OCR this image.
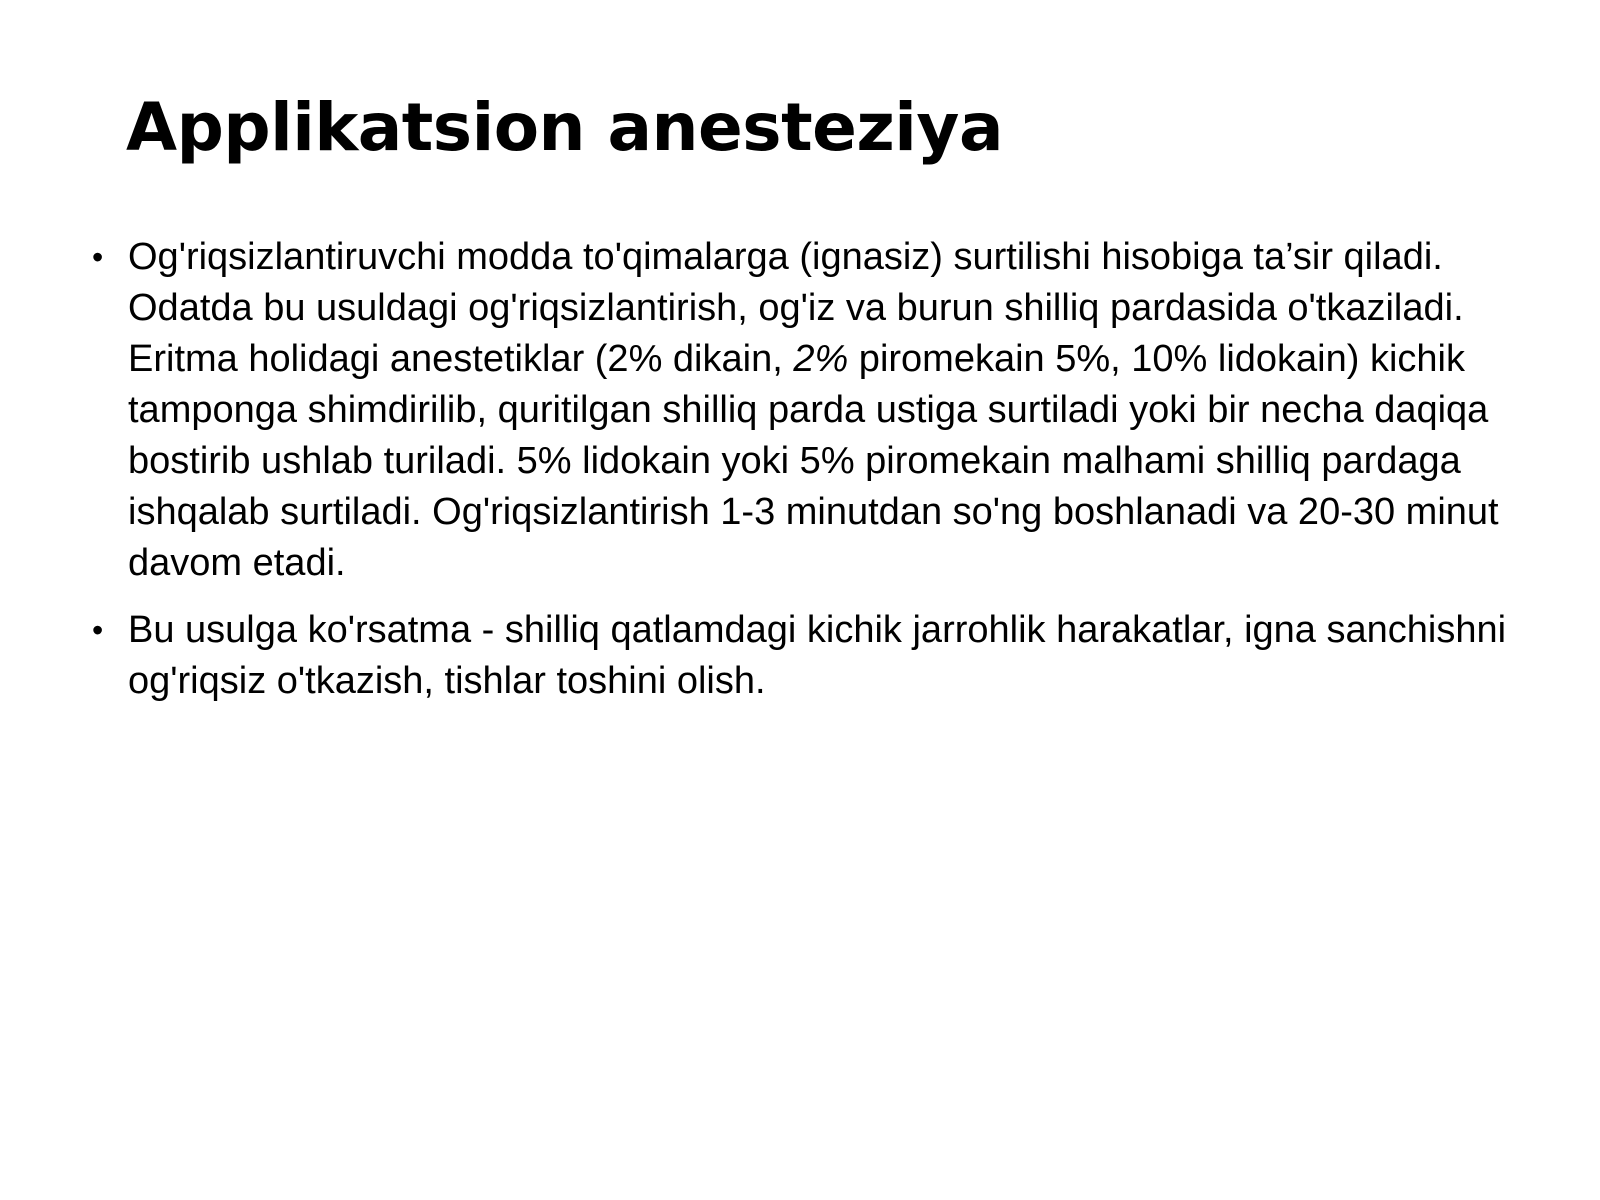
Applikatsion anesteziya
• Og'riqsizlantiruvchi modda to'qimalarga (ignasiz) surtilishi hisobiga ta’sir qiladi. Odatda bu usuldagi og'riqsizlantirish, og'iz va burun shilliq pardasida o'tkaziladi. Eritma holidagi anestetiklar (2% dikain, 2% piromekain 5%, 10% lidokain) kichik tamponga shimdirilib, quritilgan shilliq parda ustiga surtiladi yoki bir necha daqiqa bostirib ushlab turiladi. 5% lidokain yoki 5% piromekain malhami shilliq pardaga ishqalab surtiladi. Og'riqsizlantirish 1-3 minutdan so'ng boshlanadi va 20-30 minut davom etadi.
• Bu usulga ko'rsatma - shilliq qatlamdagi kichik jarrohlik harakatlar, igna sanchishni og'riqsiz o'tkazish, tishlar toshini olish.
